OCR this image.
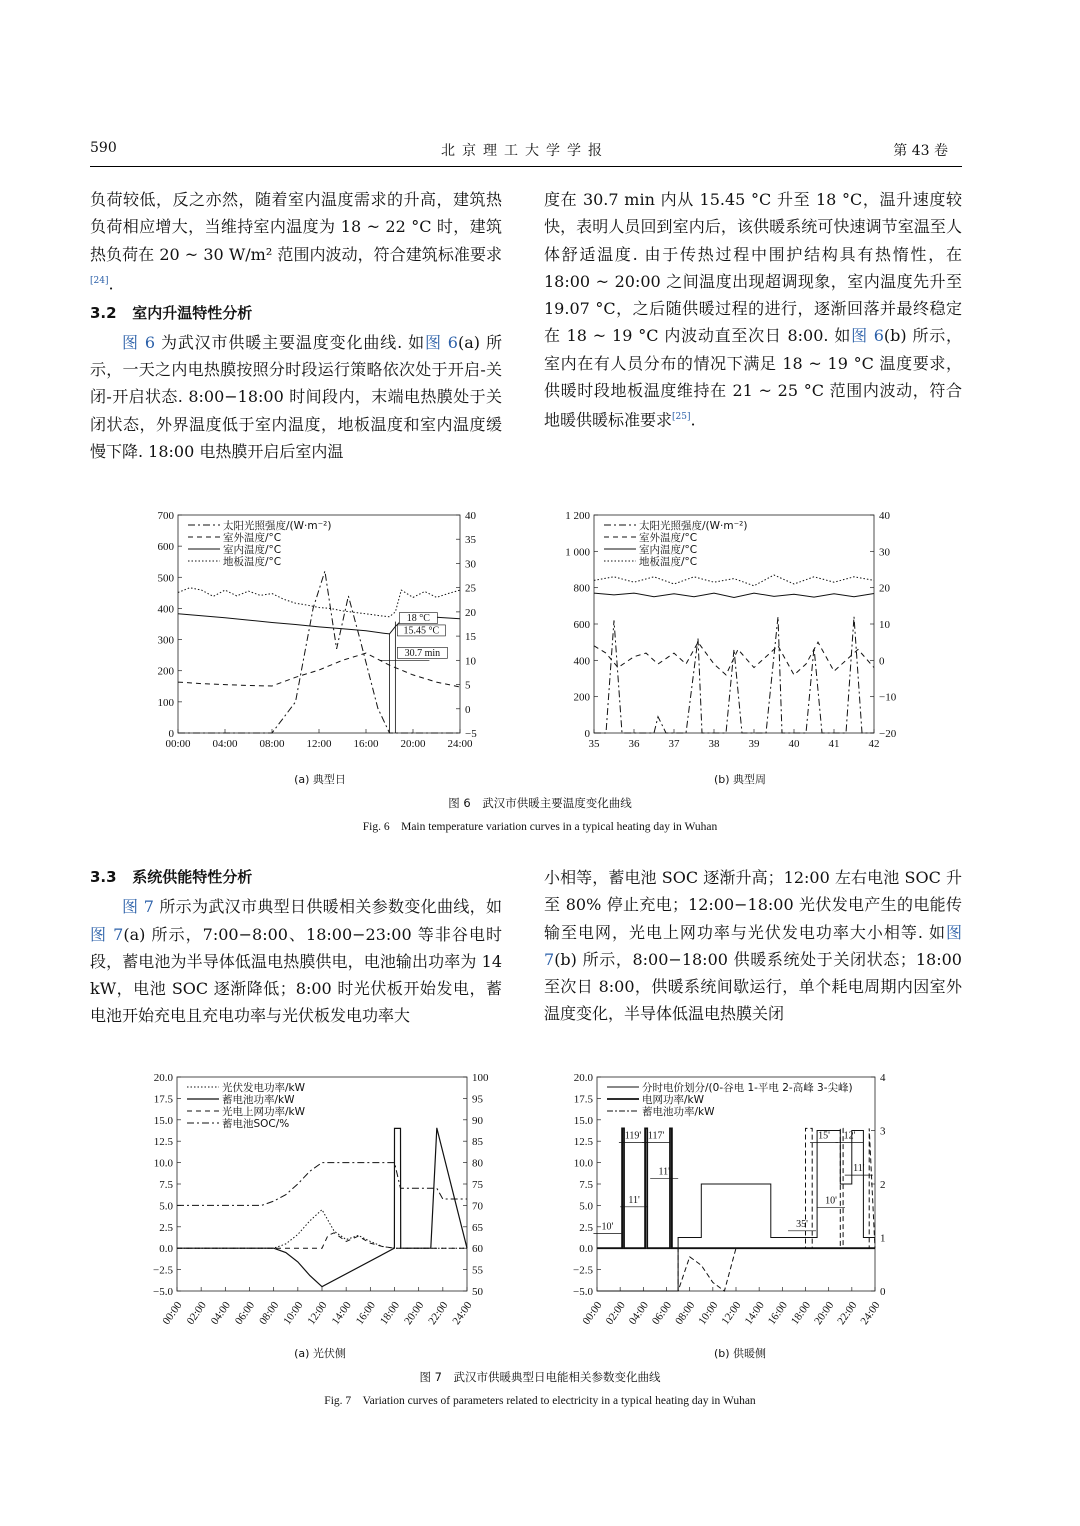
590	北京理工大学学报	第 43 卷

负荷较低，反之亦然，随着室内温度需求的升高，建筑热负荷相应增大，当维持室内温度为 18 ~ 22 °C 时，建筑热负荷在 20 ~ 30 W/m² 范围内波动，符合建筑标准要求[24].

3.2 室内升温特性分析

图 6 为武汉市供暖主要温度变化曲线. 如图 6(a) 所示，一天之内电热膜按照分时段运行策略依次处于开启-关闭-开启状态. 8:00−18:00 时间段内，末端电热膜处于关闭状态，外界温度低于室内温度，地板温度和室内温度缓慢下降. 18:00 电热膜开启后室内温

度在 30.7 min 内从 15.45 °C 升至 18 °C，温升速度较快，表明人员回到室内后，该供暖系统可快速调节室温至人体舒适温度. 由于传热过程中围护结构具有热惰性，在 18:00 ~ 20:00 之间温度出现超调现象，室内温度先升至 19.07 °C，之后随供暖过程的进行，逐渐回落并最终稳定在 18 ~ 19 °C 内波动直至次日 8:00. 如图 6(b) 所示，室内在有人员分布的情况下满足 18 ~ 19 °C 温度要求，供暖时段地板温度维持在 21 ~ 25 °C 范围内波动，符合地暖供暖标准要求[25].

0
100
200
300
400
500
600
700
−5
0
5
10
15
20
25
30
35
40
00:00 04:00 08:00 12:00 16:00 20:00 24:00
太阳光照强度/(W·m⁻²)
室外温度/°C
室内温度/°C
地板温度/°C
18 °C
15.45 °C
30.7 min
(a) 典型日
0
200
400
600
800
1 000
1 200
−20
−10
0
10
20
30
40
35	36	37	38	39	40	41	42
太阳光照强度/(W·m⁻²)
室外温度/°C
室内温度/°C
地板温度/°C
(b) 典型周
图 6　武汉市供暖主要温度变化曲线
Fig. 6　Main temperature variation curves in a typical heating day in Wuhan

3.3 系统供能特性分析

图 7 所示为武汉市典型日供暖相关参数变化曲线，如图 7(a) 所示，7:00−8:00、18:00−23:00 等非谷电时段，蓄电池为半导体低温电热膜供电，电池输出功率为 14 kW，电池 SOC 逐渐降低；8:00 时光伏板开始发电，蓄电池开始充电且充电功率与光伏板发电功率大

小相等，蓄电池 SOC 逐渐升高；12:00 左右电池 SOC 升至 80% 停止充电；12:00−18:00 光伏发电产生的电能传输至电网，光电上网功率与光伏发电功率大小相等. 如图 7(b) 所示，8:00−18:00 供暖系统处于关闭状态；18:00 至次日 8:00，供暖系统间歇运行，单个耗电周期内因室外温度变化，半导体低温电热膜关闭

−5.0
−2.5
0.0
2.5
5.0
7.5
10.0
12.5
15.0
17.5
20.0
50
55
60
65
70
75
80
85
90
95
100
00:00 02:00 04:00 06:00 08:00 10:00 12:00 14:00 16:00 18:00 20:00 22:00 24:00
光伏发电功率/kW
蓄电池功率/kW
光电上网功率/kW
蓄电池SOC/%
(a) 光伏侧
−5.0
−2.5
0.0
2.5
5.0
7.5
10.0
12.5
15.0
17.5
20.0
0
1
2
3
4
00:00
02:00
04:00
06:00
08:00
10:00
12:00
14:00
16:00
18:00
20:00
22:00
24:00
分时电价划分/(0-谷电 1-平电 2-高峰 3-尖峰)
电网功率/kW
蓄电池功率/kW
10'
119'
11'
117'
11'
35'
15'
10'
12'
11'
(b) 供暖侧
图 7　武汉市供暖典型日电能相关参数变化曲线
Fig. 7　Variation curves of parameters related to electricity in a typical heating day in Wuhan
